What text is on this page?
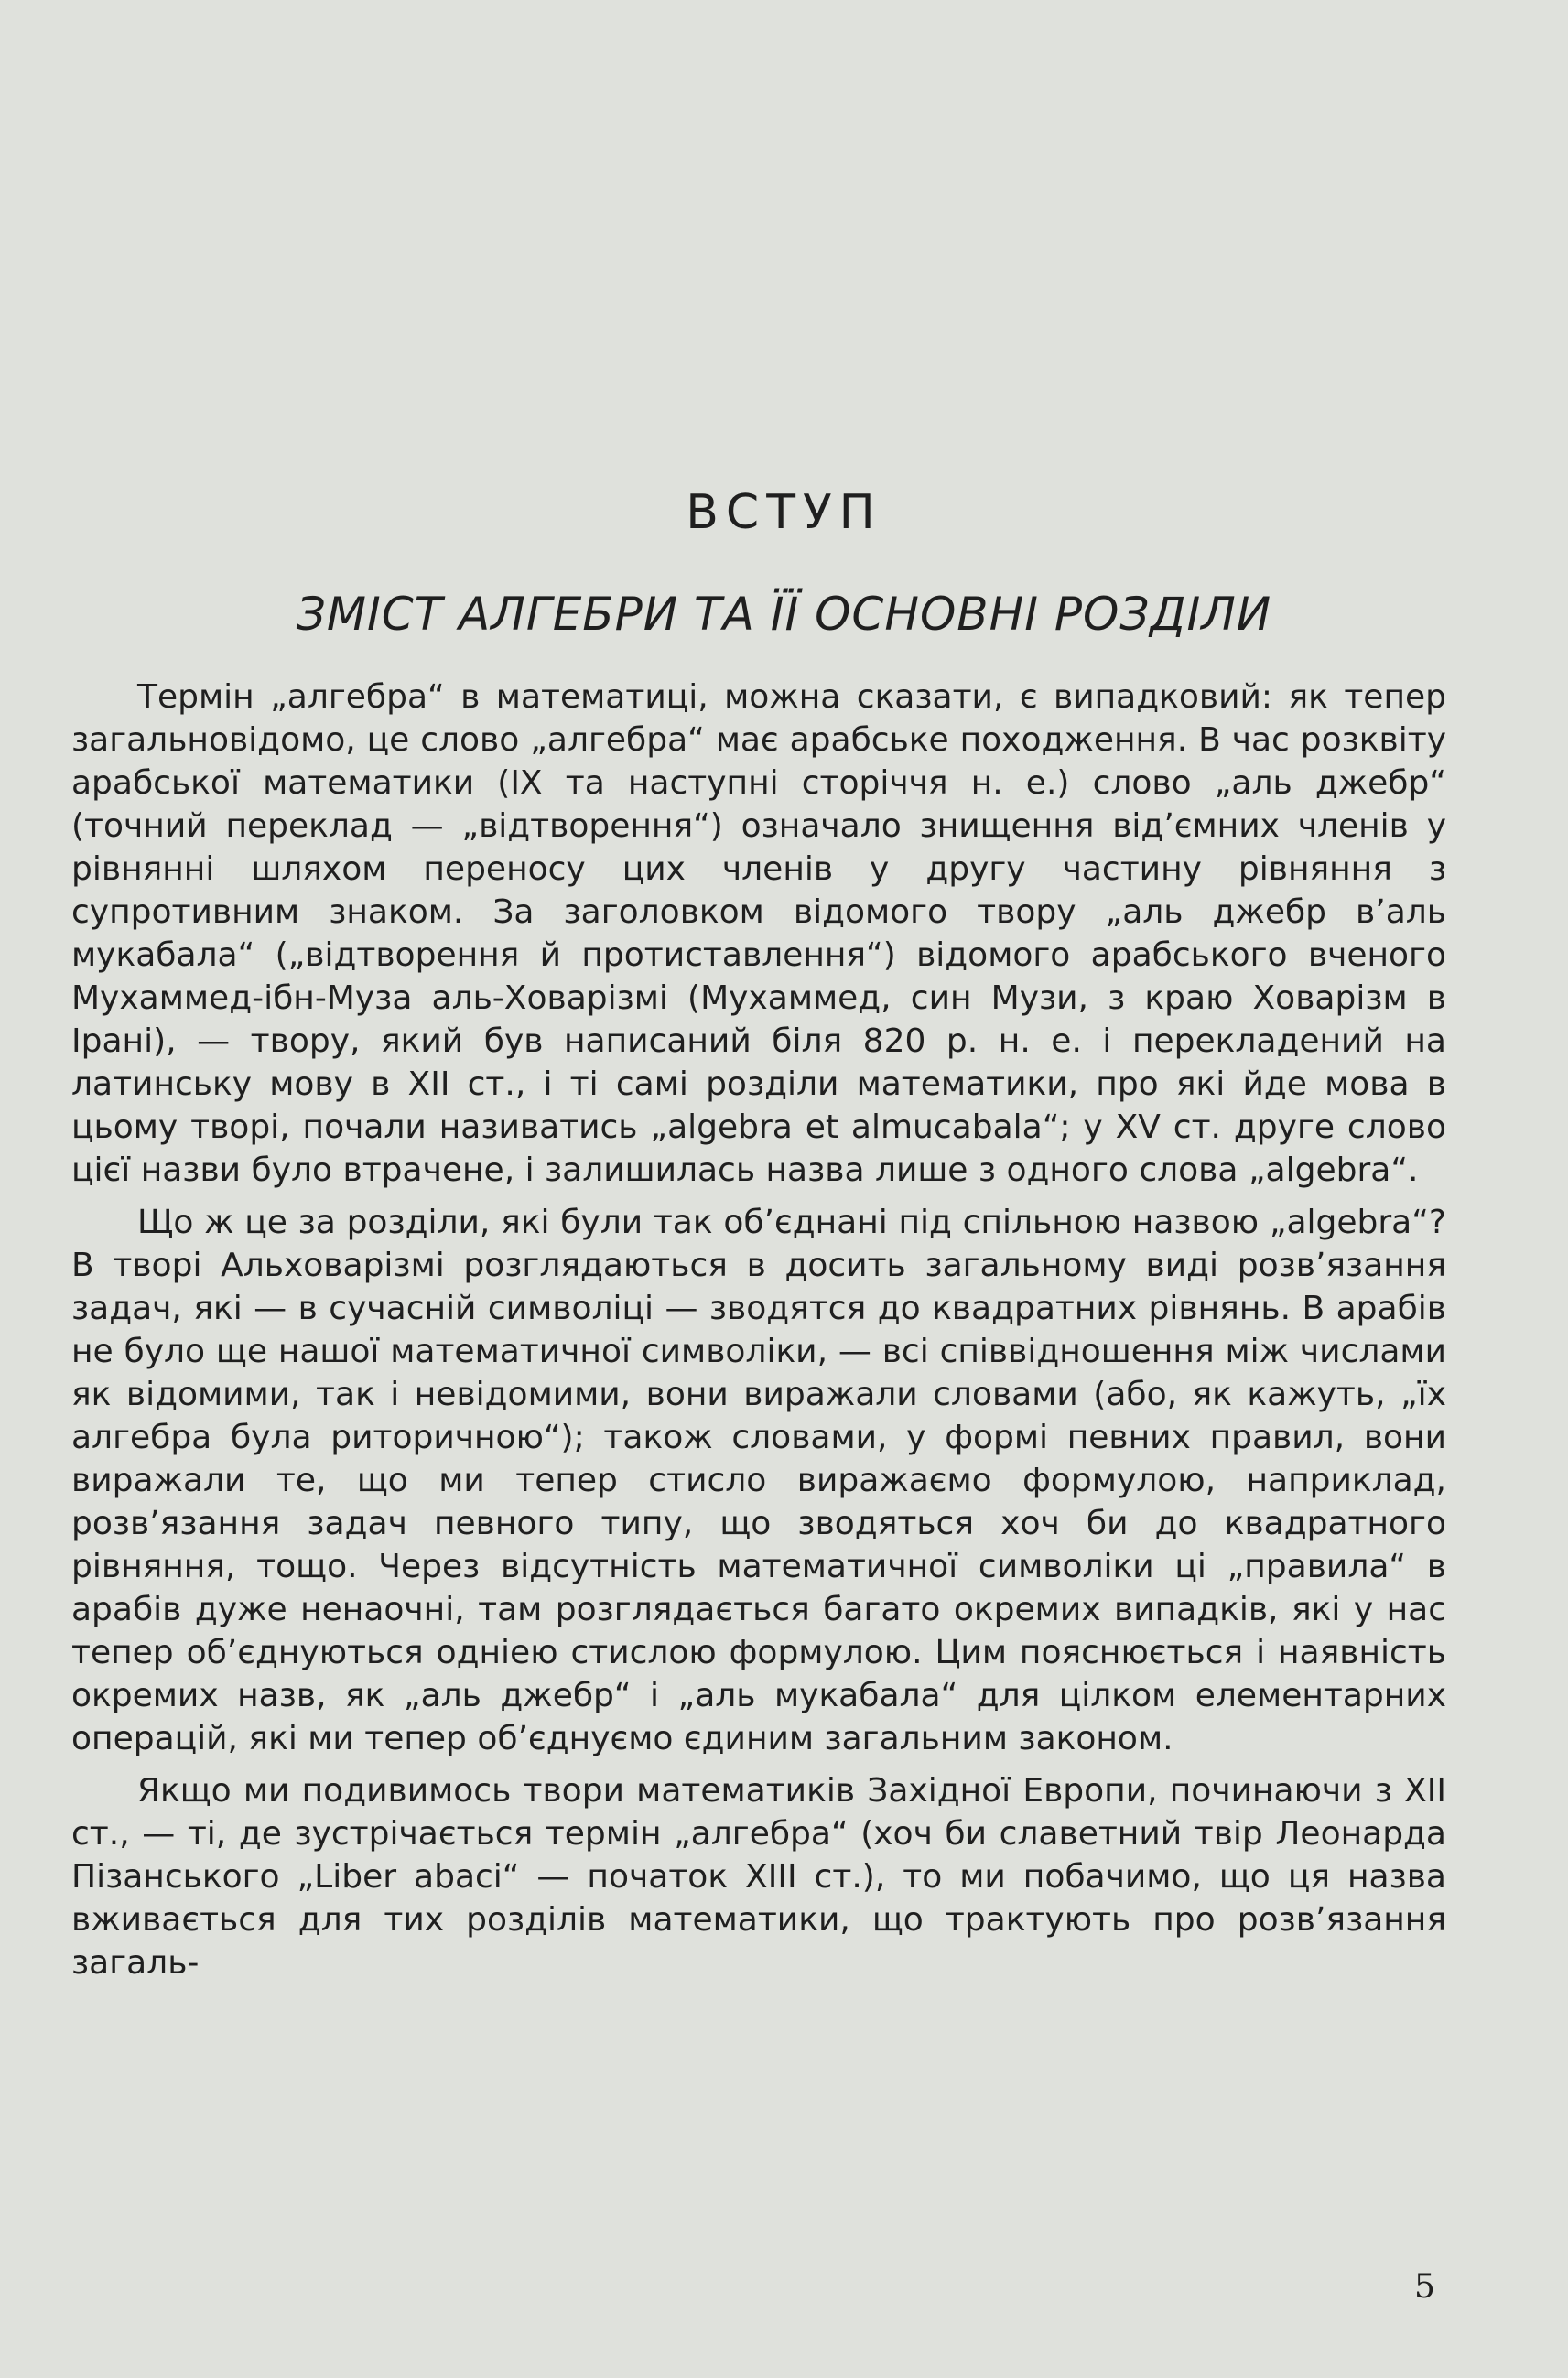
ВСТУП
ЗМІСТ АЛГЕБРИ ТА ЇЇ ОСНОВНІ РОЗДІЛИ

Термін „алгебра“ в математиці, можна сказати, є випадковий: як тепер загальновідомо, це слово „алгебра“ має арабське походження. В час розквіту арабської математики (IX та наступні сторіччя н. е.) слово „аль джебр“ (точний переклад — „відтворення“) означало знищення від’ємних членів у рівнянні шляхом переносу цих членів у другу частину рівняння з супротивним знаком. За заголовком відомого твору „аль джебр в’аль мукабала“ („відтворення й протиставлення“) відомого арабського вченого Мухаммед-ібн-Муза аль-Ховарізмі (Мухаммед, син Музи, з краю Ховарізм в Ірані), — твору, який був написаний біля 820 р. н. е. і перекладений на латинську мову в XII ст., і ті самі розділи математики, про які йде мова в цьому творі, почали називатись „algebra et almucabala“; у XV ст. друге слово цієї назви було втрачене, і залишилась назва лише з одного слова „algebra“.

Що ж це за розділи, які були так об’єднані під спільною назвою „algebra“? В творі Альховарізмі розглядаються в досить загальному виді розв’язання задач, які — в сучасній символіці — зводятся до квадратних рівнянь. В арабів не було ще нашої математичної символіки, — всі співвідношення між числами як відомими, так і невідомими, вони виражали словами (або, як кажуть, „їх алгебра була риторичною“); також словами, у формі певних правил, вони виражали те, що ми тепер стисло виражаємо формулою, наприклад, розв’язання задач певного типу, що зводяться хоч би до квадратного рівняння, тощо. Через відсутність математичної символіки ці „правила“ в арабів дуже ненаочні, там розглядається багато окремих випадків, які у нас тепер об’єднуються одніею стислою формулою. Цим пояснюється і наявність окремих назв, як „аль джебр“ і „аль мукабала“ для цілком елементарних операцій, які ми тепер об’єднуємо єдиним загальним законом.

Якщо ми подивимось твори математиків Західної Европи, починаючи з XII ст., — ті, де зустрічається термін „алгебра“ (хоч би славетний твір Леонарда Пізанського „Liber abaci“ — початок XIII ст.), то ми побачимо, що ця назва вживається для тих розділів математики, що трактують про розв’язання загаль-

5
